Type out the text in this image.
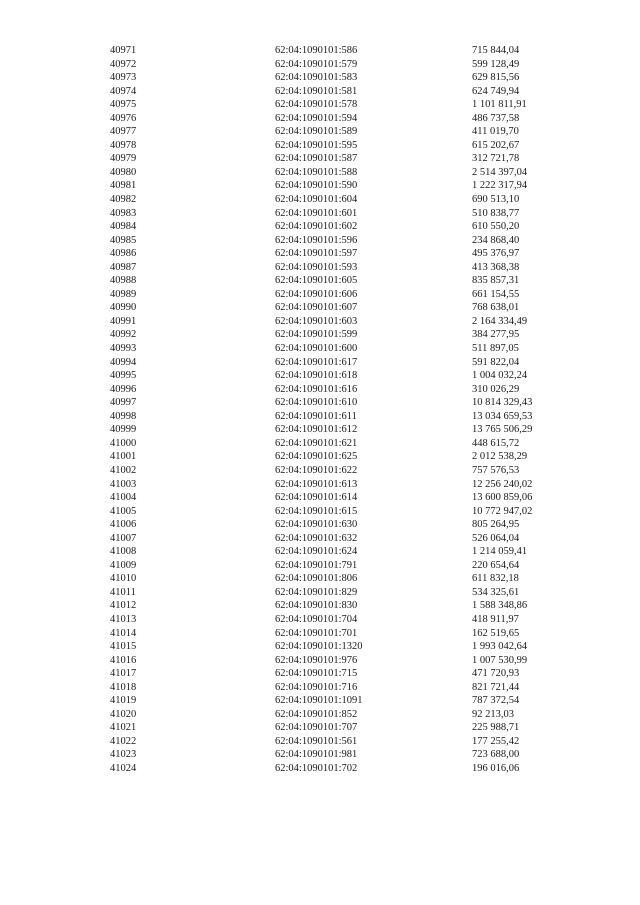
40971	62:04:1090101:586	715 844,04
40972	62:04:1090101:579	599 128,49
40973	62:04:1090101:583	629 815,56
40974	62:04:1090101:581	624 749,94
40975	62:04:1090101:578	1 101 811,91
40976	62:04:1090101:594	486 737,58
40977	62:04:1090101:589	411 019,70
40978	62:04:1090101:595	615 202,67
40979	62:04:1090101:587	312 721,78
40980	62:04:1090101:588	2 514 397,04
40981	62:04:1090101:590	1 222 317,94
40982	62:04:1090101:604	690 513,10
40983	62:04:1090101:601	510 838,77
40984	62:04:1090101:602	610 550,20
40985	62:04:1090101:596	234 868,40
40986	62:04:1090101:597	495 376,97
40987	62:04:1090101:593	413 368,38
40988	62:04:1090101:605	835 857,31
40989	62:04:1090101:606	661 154,55
40990	62:04:1090101:607	768 638,01
40991	62:04:1090101:603	2 164 334,49
40992	62:04:1090101:599	384 277,95
40993	62:04:1090101:600	511 897,05
40994	62:04:1090101:617	591 822,04
40995	62:04:1090101:618	1 004 032,24
40996	62:04:1090101:616	310 026,29
40997	62:04:1090101:610	10 814 329,43
40998	62:04:1090101:611	13 034 659,53
40999	62:04:1090101:612	13 765 506,29
41000	62:04:1090101:621	448 615,72
41001	62:04:1090101:625	2 012 538,29
41002	62:04:1090101:622	757 576,53
41003	62:04:1090101:613	12 256 240,02
41004	62:04:1090101:614	13 600 859,06
41005	62:04:1090101:615	10 772 947,02
41006	62:04:1090101:630	805 264,95
41007	62:04:1090101:632	526 064,04
41008	62:04:1090101:624	1 214 059,41
41009	62:04:1090101:791	220 654,64
41010	62:04:1090101:806	611 832,18
41011	62:04:1090101:829	534 325,61
41012	62:04:1090101:830	1 588 348,86
41013	62:04:1090101:704	418 911,97
41014	62:04:1090101:701	162 519,65
41015	62:04:1090101:1320	1 993 042,64
41016	62:04:1090101:976	1 007 530,99
41017	62:04:1090101:715	471 720,93
41018	62:04:1090101:716	821 721,44
41019	62:04:1090101:1091	787 372,54
41020	62:04:1090101:852	92 213,03
41021	62:04:1090101:707	225 988,71
41022	62:04:1090101:561	177 255,42
41023	62:04:1090101:981	723 688,00
41024	62:04:1090101:702	196 016,06
